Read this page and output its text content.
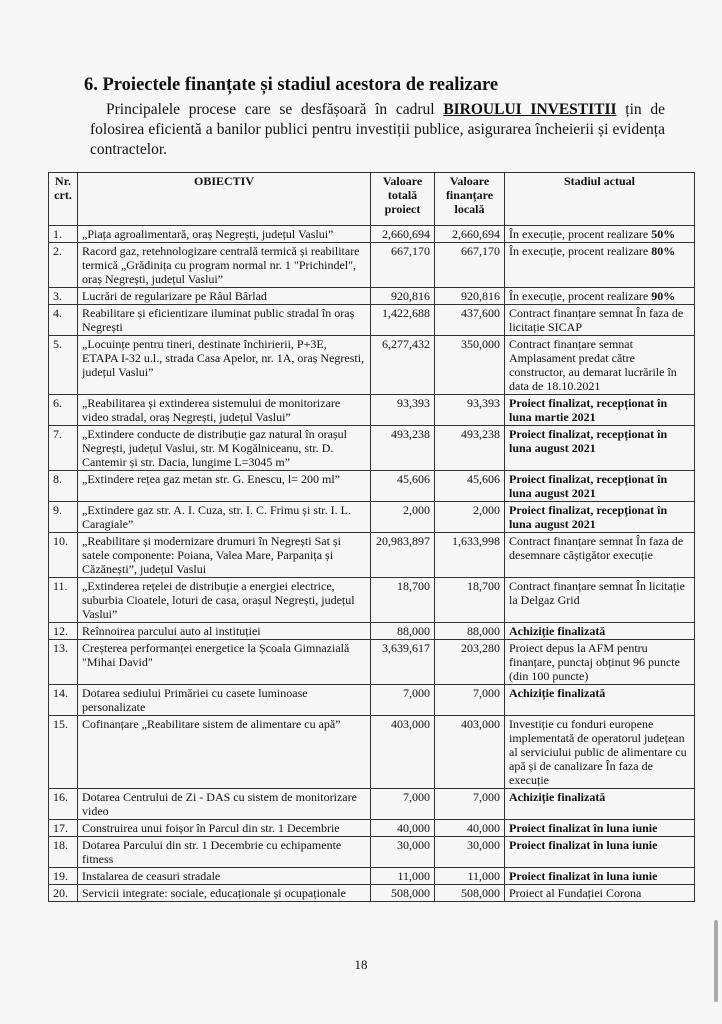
6. Proiectele finanțate și stadiul acestora de realizare

Principalele procese care se desfășoară în cadrul BIROULUI INVESTITII țin de folosirea eficientă a banilor publici pentru investiții publice, asigurarea încheierii și evidența contractelor.

Nr. crt.	OBIECTIV	Valoare totală proiect	Valoare finanțare locală	Stadiul actual
1.	„Piața agroalimentară, oraș Negrești, județul Vaslui”	2,660,694	2,660,694	În execuție, procent realizare 50%
2.	Racord gaz, retehnologizare centrală termică și reabilitare termică „Grădinița cu program normal nr. 1 "Prichindel", oraș Negrești, județul Vaslui”	667,170	667,170	În execuție, procent realizare 80%
3.	Lucrări de regularizare pe Râul Bârlad	920,816	920,816	În execuție, procent realizare 90%
4.	Reabilitare și eficientizare iluminat public stradal în oraș Negrești	1,422,688	437,600	Contract finanțare semnat În faza de licitație SICAP
5.	„Locuințe pentru tineri, destinate închirierii, P+3E, ETAPA I-32 u.l., strada Casa Apelor, nr. 1A, oraș Negresti, județul Vaslui”	6,277,432	350,000	Contract finanțare semnat Amplasament predat către constructor, au demarat lucrările în data de 18.10.2021
6.	„Reabilitarea și extinderea sistemului de monitorizare video stradal, oraș Negrești, județul Vaslui”	93,393	93,393	Proiect finalizat, recepționat în luna martie 2021
7.	„Extindere conducte de distribuție gaz natural în orașul Negrești, județul Vaslui, str. M Kogălniceanu, str. D. Cantemir și str. Dacia, lungime L=3045 m”	493,238	493,238	Proiect finalizat, recepționat în luna august 2021
8.	„Extindere rețea gaz metan str. G. Enescu, l= 200 ml”	45,606	45,606	Proiect finalizat, recepționat în luna august 2021
9.	„Extindere gaz str. A. I. Cuza, str. I. C. Frimu și str. I. L. Caragiale”	2,000	2,000	Proiect finalizat, recepționat în luna august 2021
10.	„Reabilitare și modernizare drumuri în Negrești Sat și satele componente: Poiana, Valea Mare, Parpanița și Căzănești”, județul Vaslui	20,983,897	1,633,998	Contract finanțare semnat În faza de desemnare câștigător execuție
11.	„Extinderea rețelei de distribuție a energiei electrice, suburbia Cioatele, loturi de casa, orașul Negrești, județul Vaslui”	18,700	18,700	Contract finanțare semnat În licitație la Delgaz Grid
12.	Reînnoirea parcului auto al instituției	88,000	88,000	Achiziție finalizată
13.	Creșterea performanței energetice la Școala Gimnazială "Mihai David"	3,639,617	203,280	Proiect depus la AFM pentru finanțare, punctaj obținut 96 puncte (din 100 puncte)
14.	Dotarea sediului Primăriei cu casete luminoase personalizate	7,000	7,000	Achiziție finalizată
15.	Cofinanțare „Reabilitare sistem de alimentare cu apă”	403,000	403,000	Investiție cu fonduri europene implementată de operatorul județean al serviciului public de alimentare cu apă și de canalizare În faza de execuție
16.	Dotarea Centrului de Zi - DAS cu sistem de monitorizare video	7,000	7,000	Achiziție finalizată
17.	Construirea unui foișor în Parcul din str. 1 Decembrie	40,000	40,000	Proiect finalizat în luna iunie
18.	Dotarea Parcului din str. 1 Decembrie cu echipamente fitness	30,000	30,000	Proiect finalizat în luna iunie
19.	Instalarea de ceasuri stradale	11,000	11,000	Proiect finalizat în luna iunie
20.	Servicii integrate: sociale, educaționale și ocupaționale	508,000	508,000	Proiect al Fundației Corona
18
